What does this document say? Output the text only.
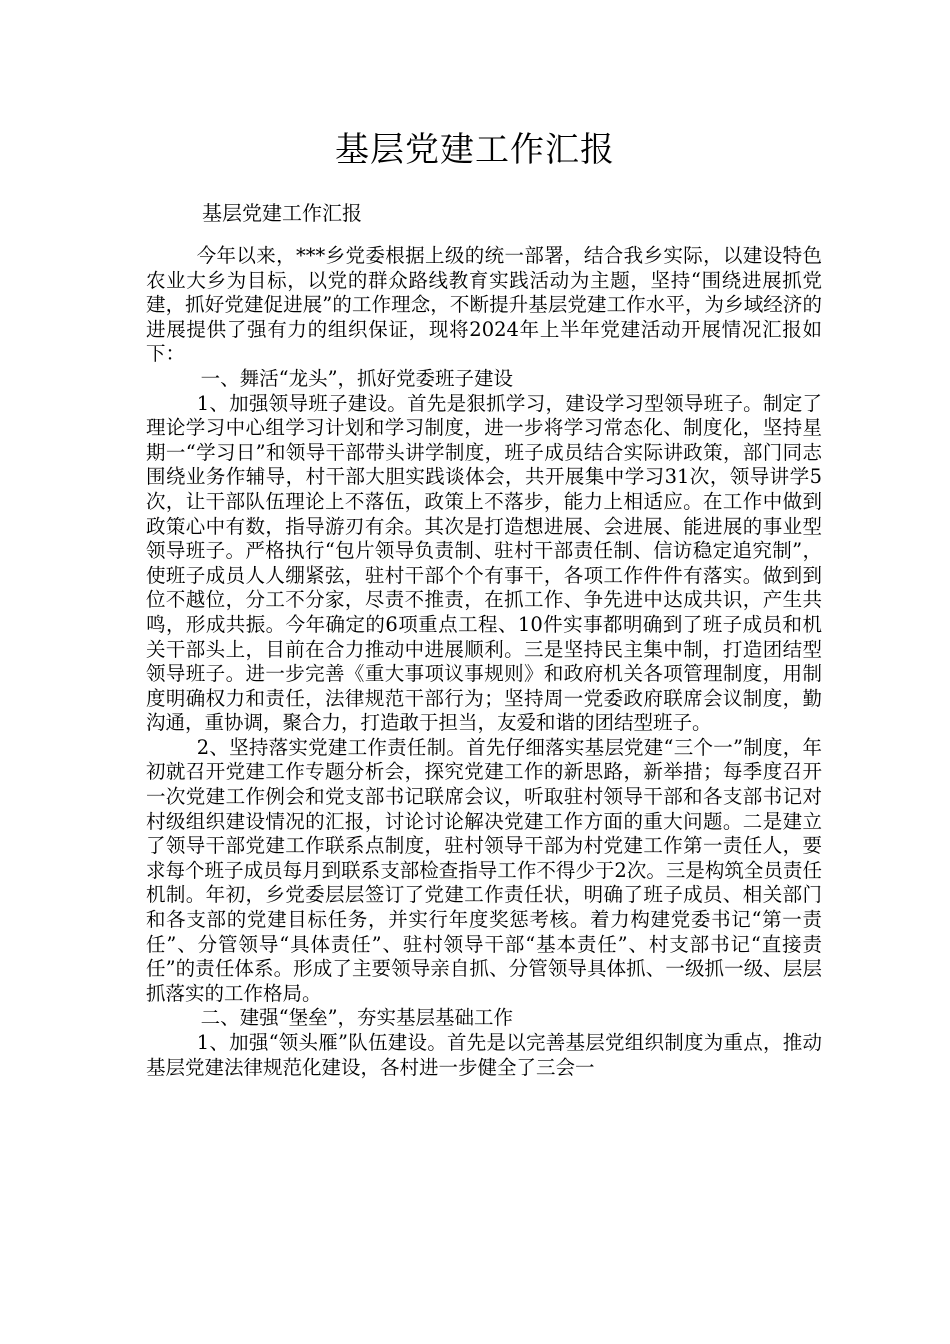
基层党建工作汇报
基层党建工作汇报

今年以来，***乡党委根据上级的统一部署，结合我乡实际，以建设特色农业大乡为目标，以党的群众路线教育实践活动为主题，坚持“围绕进展抓党建，抓好党建促进展”的工作理念，不断提升基层党建工作水平，为乡域经济的进展提供了强有力的组织保证，现将2024年上半年党建活动开展情况汇报如下：

一、舞活“龙头”，抓好党委班子建设

1、加强领导班子建设。首先是狠抓学习，建设学习型领导班子。制定了理论学习中心组学习计划和学习制度，进一步将学习常态化、制度化，坚持星期一“学习日”和领导干部带头讲学制度，班子成员结合实际讲政策，部门同志围绕业务作辅导，村干部大胆实践谈体会，共开展集中学习31次，领导讲学5次，让干部队伍理论上不落伍，政策上不落步，能力上相适应。在工作中做到政策心中有数，指导游刃有余。其次是打造想进展、会进展、能进展的事业型领导班子。严格执行“包片领导负责制、驻村干部责任制、信访稳定追究制”，使班子成员人人绷紧弦，驻村干部个个有事干，各项工作件件有落实。做到到位不越位，分工不分家，尽责不推责，在抓工作、争先进中达成共识，产生共鸣，形成共振。今年确定的6项重点工程、10件实事都明确到了班子成员和机关干部头上，目前在合力推动中进展顺利。三是坚持民主集中制，打造团结型领导班子。进一步完善《重大事项议事规则》和政府机关各项管理制度，用制度明确权力和责任，法律规范干部行为；坚持周一党委政府联席会议制度，勤沟通，重协调，聚合力，打造敢于担当，友爱和谐的团结型班子。

2、坚持落实党建工作责任制。首先仔细落实基层党建“三个一”制度，年初就召开党建工作专题分析会，探究党建工作的新思路，新举措；每季度召开一次党建工作例会和党支部书记联席会议，听取驻村领导干部和各支部书记对村级组织建设情况的汇报，讨论讨论解决党建工作方面的重大问题。二是建立了领导干部党建工作联系点制度，驻村领导干部为村党建工作第一责任人，要求每个班子成员每月到联系支部检查指导工作不得少于2次。三是构筑全员责任机制。年初，乡党委层层签订了党建工作责任状，明确了班子成员、相关部门和各支部的党建目标任务，并实行年度奖惩考核。着力构建党委书记“第一责任”、分管领导“具体责任”、驻村领导干部“基本责任”、村支部书记“直接责任”的责任体系。形成了主要领导亲自抓、分管领导具体抓、一级抓一级、层层抓落实的工作格局。

二、建强“堡垒”，夯实基层基础工作

1、加强“领头雁”队伍建设。首先是以完善基层党组织制度为重点，推动基层党建法律规范化建设，各村进一步健全了三会一
